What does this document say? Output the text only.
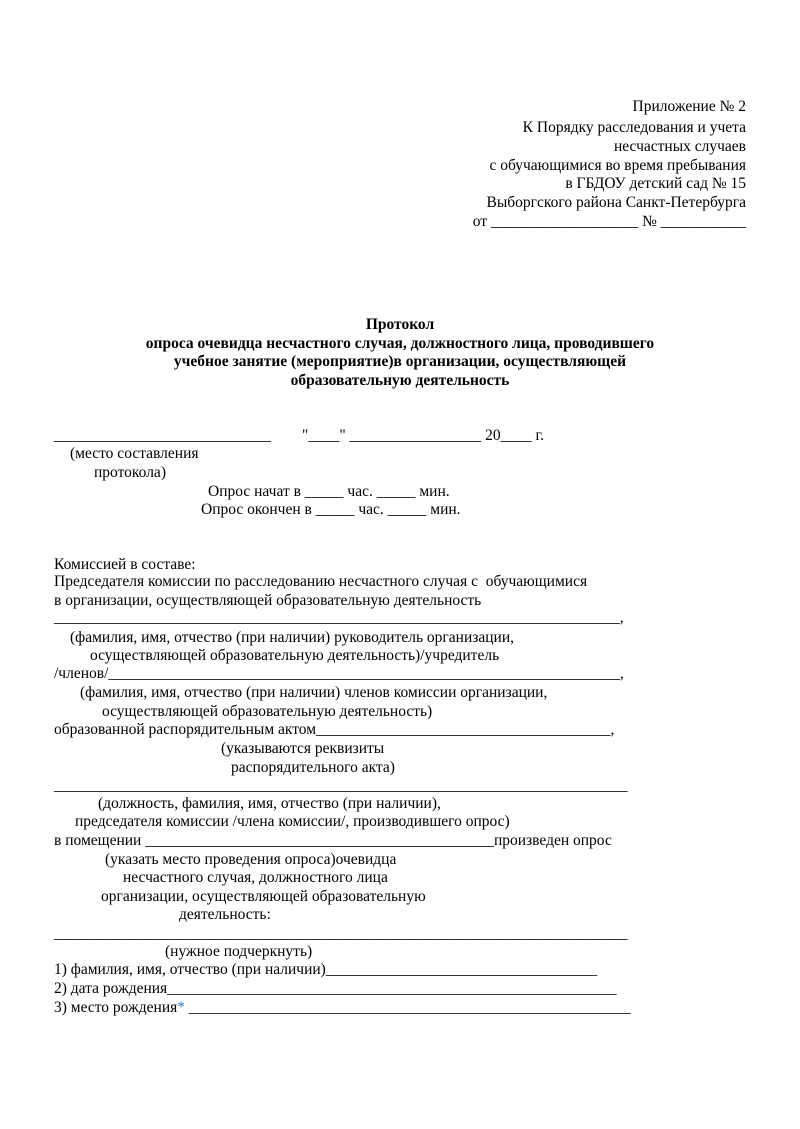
Приложение № 2
К Порядку расследования и учета
несчастных случаев
с обучающимися во время пребывания
в ГБДОУ детский сад № 15
Выборгского района Санкт-Петербурга
от ___________________ № ___________
Протокол
опроса очевидца несчастного случая, должностного лица, проводившего
учебное занятие (мероприятие)в организации, осуществляющей
образовательную деятельность
____________________________        "____" _________________ 20____ г.
(место составления
протокола)
Опрос начат в _____ час. _____ мин.
Опрос окончен в _____ час. _____ мин.
Комиссией в составе:
Председателя комиссии по расследованию несчастного случая с  обучающимися
в организации, осуществляющей образовательную деятельность
_________________________________________________________________________,
(фамилия, имя, отчество (при наличии) руководитель организации,
осуществляющей образовательную деятельность)/учредитель
/членов/__________________________________________________________________,
(фамилия, имя, отчество (при наличии) членов комиссии организации,
осуществляющей образовательную деятельность)
образованной распорядительным актом______________________________________,
(указываются реквизиты
распорядительного акта)
__________________________________________________________________________
(должность, фамилия, имя, отчество (при наличии),
председателя комиссии /члена комиссии/, производившего опрос)
в помещении _____________________________________________произведен опрос
(указать место проведения опроса)очевидца
несчастного случая, должностного лица
организации, осуществляющей образовательную
деятельность:
__________________________________________________________________________
(нужное подчеркнуть)
1) фамилия, имя, отчество (при наличии)___________________________________
2) дата рождения__________________________________________________________
3) место рождения* _________________________________________________________
